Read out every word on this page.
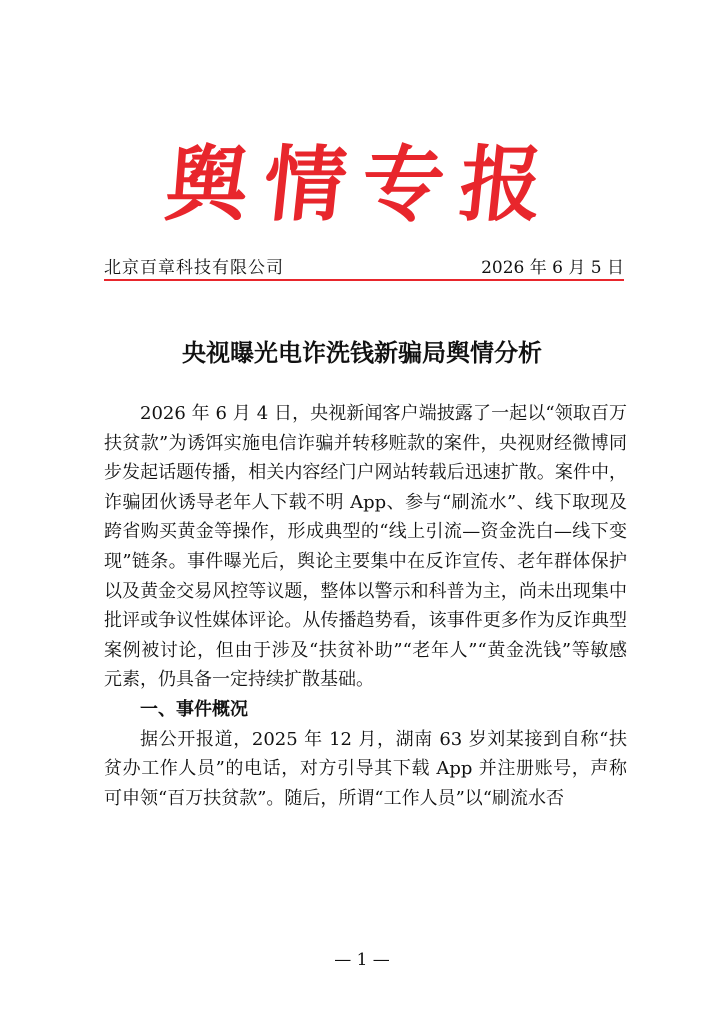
舆情专报
北京百章科技有限公司	2026 年 6 月 5 日
央视曝光电诈洗钱新骗局舆情分析

2026 年 6 月 4 日，央视新闻客户端披露了一起以“领取百万扶贫款”为诱饵实施电信诈骗并转移赃款的案件，央视财经微博同步发起话题传播，相关内容经门户网站转载后迅速扩散。案件中，诈骗团伙诱导老年人下载不明 App、参与“刷流水”、线下取现及跨省购买黄金等操作，形成典型的“线上引流—资金洗白—线下变现”链条。事件曝光后，舆论主要集中在反诈宣传、老年群体保护以及黄金交易风控等议题，整体以警示和科普为主，尚未出现集中批评或争议性媒体评论。从传播趋势看，该事件更多作为反诈典型案例被讨论，但由于涉及“扶贫补助”“老年人”“黄金洗钱”等敏感元素，仍具备一定持续扩散基础。

一、事件概况

据公开报道，2025 年 12 月，湖南 63 岁刘某接到自称“扶贫办工作人员”的电话，对方引导其下载 App 并注册账号，声称可申领“百万扶贫款”。随后，所谓“工作人员”以“刷流水否

— 1 —
